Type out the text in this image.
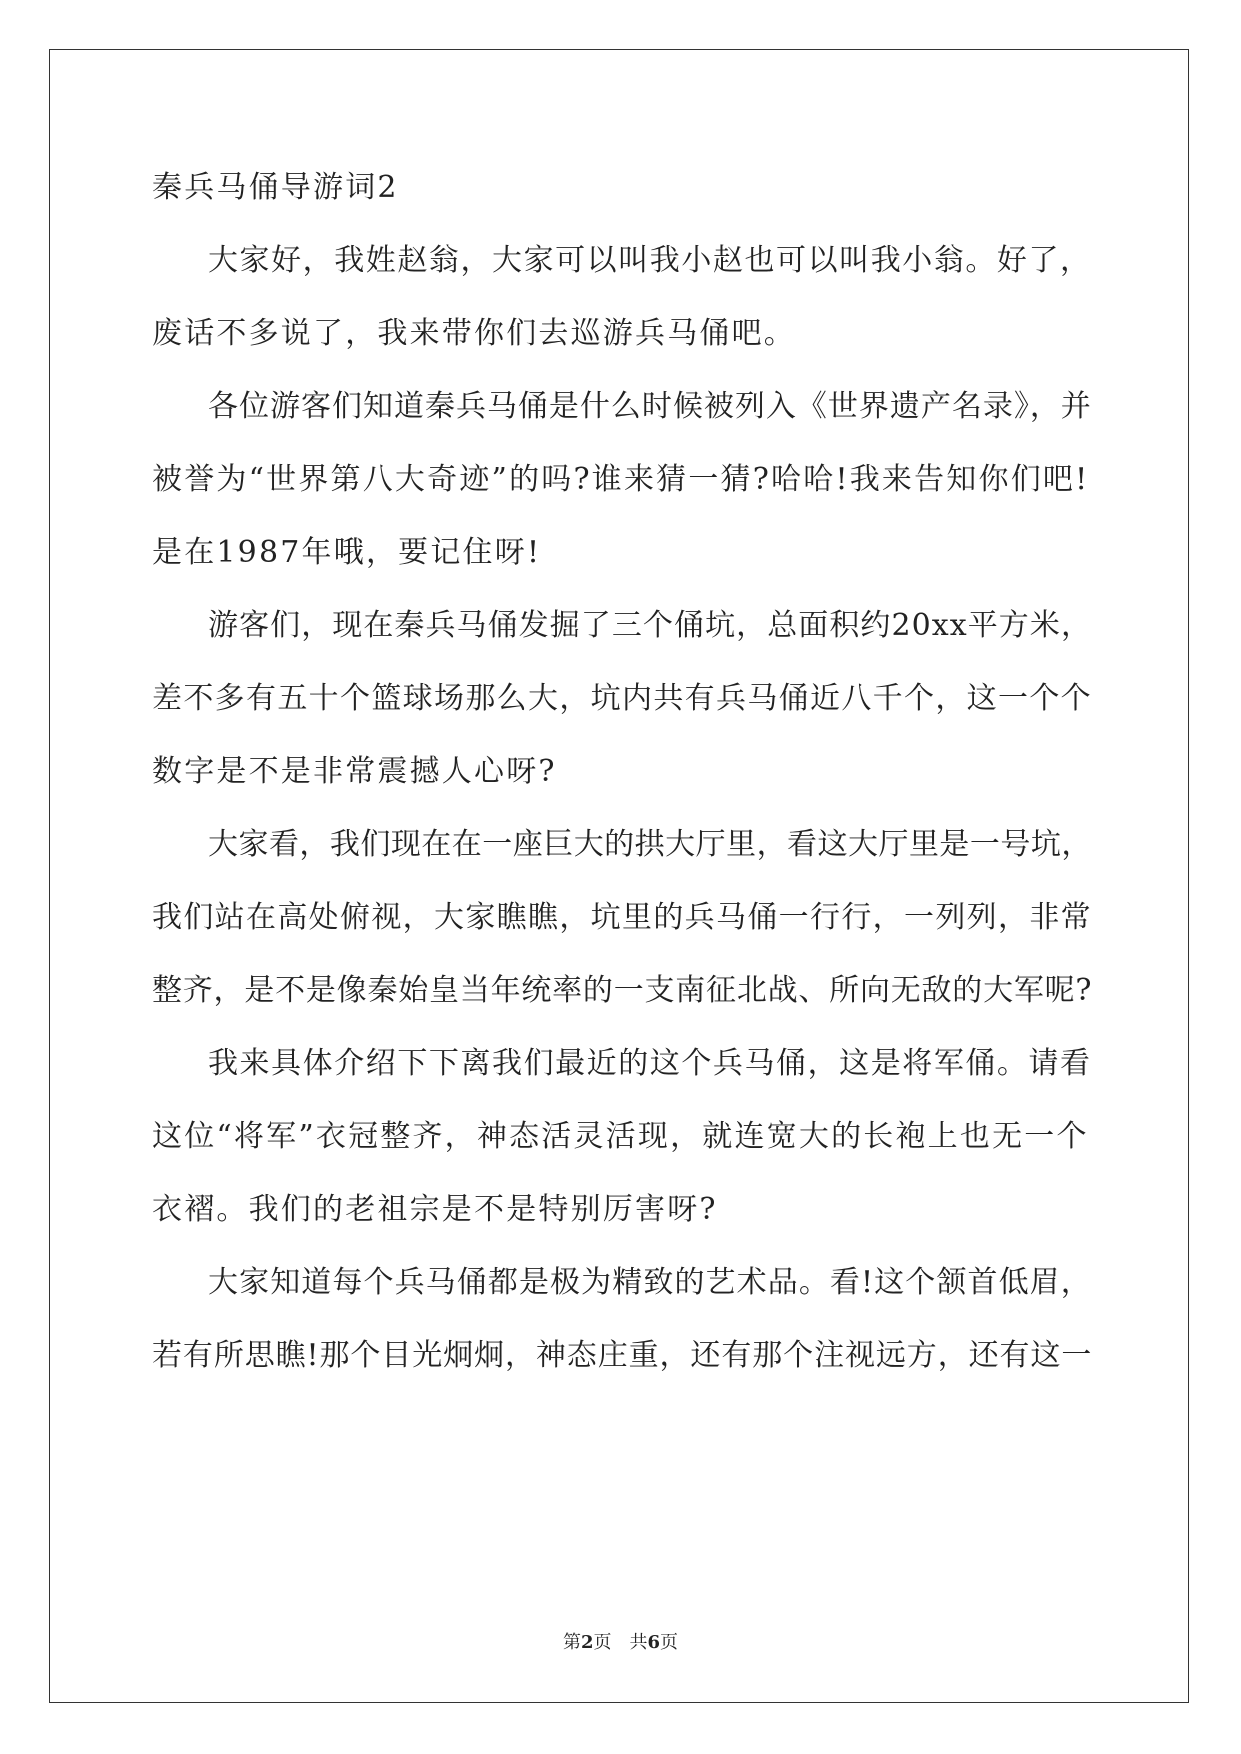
秦兵马俑导游词2
大家好，我姓赵翁，大家可以叫我小赵也可以叫我小翁。好了，
废话不多说了，我来带你们去巡游兵马俑吧。
各位游客们知道秦兵马俑是什么时候被列入《世界遗产名录》，并
被誉为“世界第八大奇迹”的吗?谁来猜一猜?哈哈!我来告知你们吧!
是在1987年哦，要记住呀!
游客们，现在秦兵马俑发掘了三个俑坑，总面积约20xx平方米，
差不多有五十个篮球场那么大，坑内共有兵马俑近八千个，这一个个
数字是不是非常震撼人心呀?
大家看，我们现在在一座巨大的拱大厅里，看这大厅里是一号坑，
我们站在高处俯视，大家瞧瞧，坑里的兵马俑一行行，一列列，非常
整齐，是不是像秦始皇当年统率的一支南征北战、所向无敌的大军呢?
我来具体介绍下下离我们最近的这个兵马俑，这是将军俑。请看
这位“将军”衣冠整齐，神态活灵活现，就连宽大的长袍上也无一个
衣褶。我们的老祖宗是不是特别厉害呀?
大家知道每个兵马俑都是极为精致的艺术品。看!这个颔首低眉，
若有所思瞧!那个目光炯炯，神态庄重，还有那个注视远方，还有这一
第2页　共6页
